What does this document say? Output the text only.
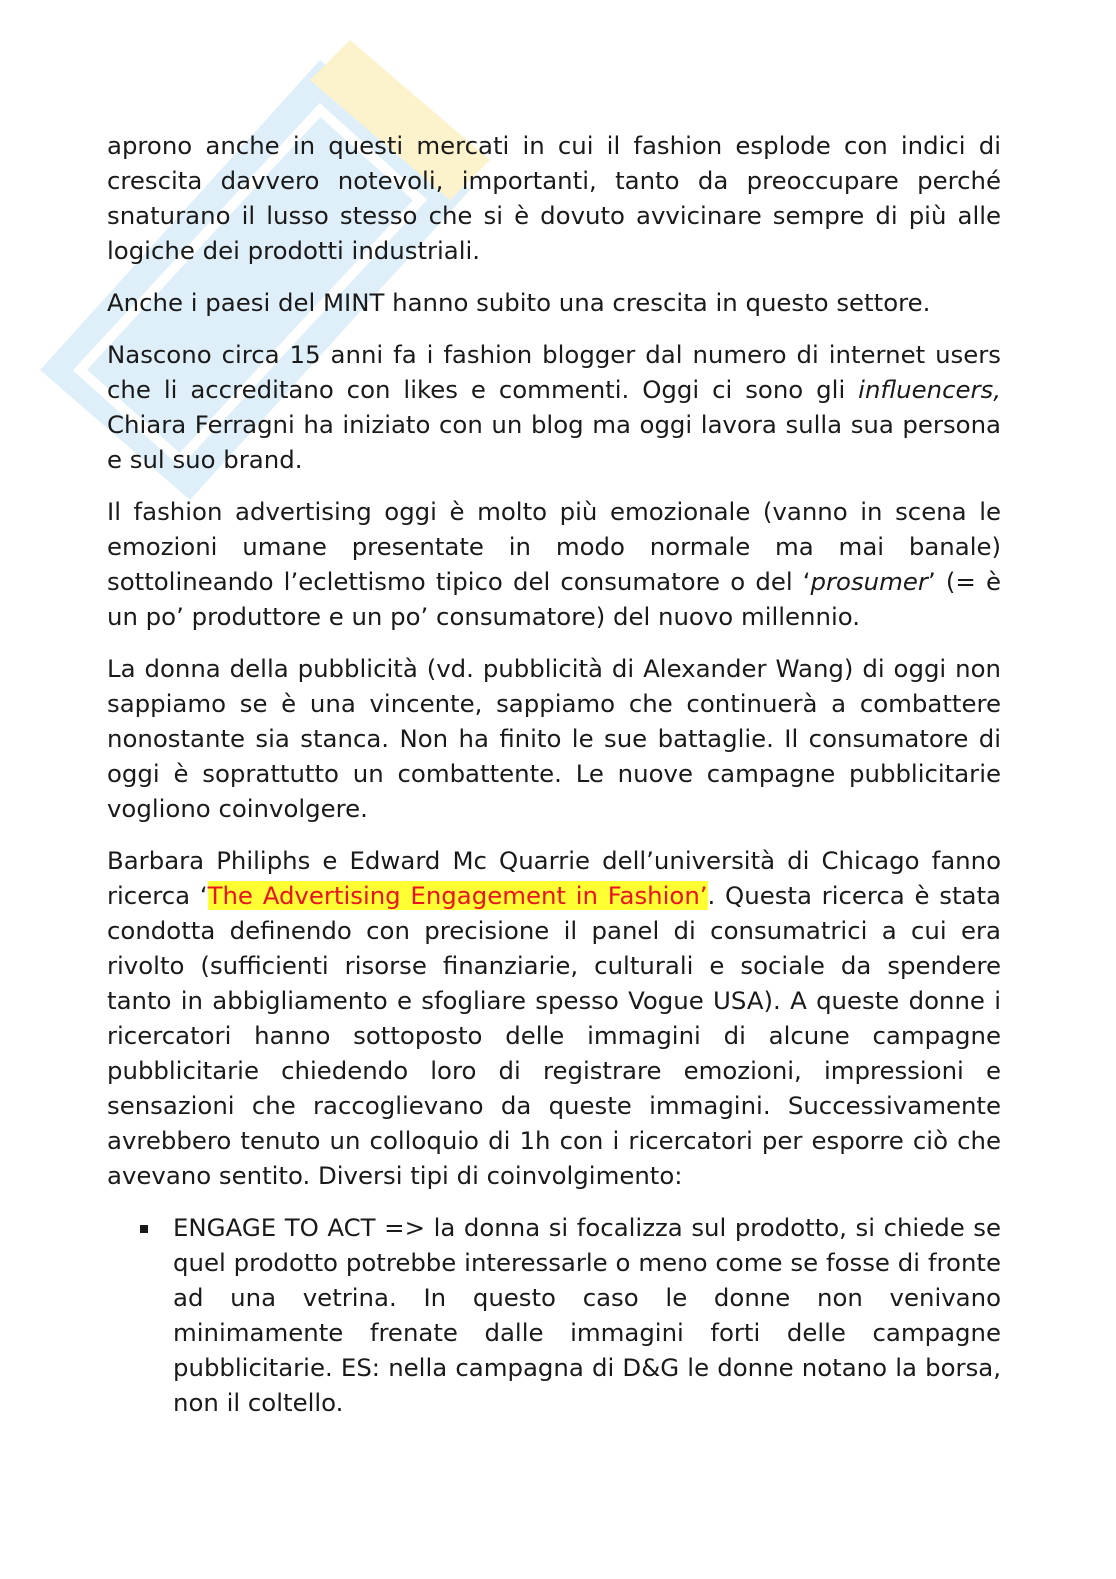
aprono anche in questi mercati in cui il fashion esplode con indici di crescita davvero notevoli, importanti, tanto da preoccupare perché snaturano il lusso stesso che si è dovuto avvicinare sempre di più alle logiche dei prodotti industriali.

Anche i paesi del MINT hanno subito una crescita in questo settore.

Nascono circa 15 anni fa i fashion blogger dal numero di internet users che li accreditano con likes e commenti. Oggi ci sono gli influencers, Chiara Ferragni ha iniziato con un blog ma oggi lavora sulla sua persona e sul suo brand.

Il fashion advertising oggi è molto più emozionale (vanno in scena le emozioni umane presentate in modo normale ma mai banale) sottolineando l’eclettismo tipico del consumatore o del ‘prosumer’ (= è un po’ produttore e un po’ consumatore) del nuovo millennio.

La donna della pubblicità (vd. pubblicità di Alexander Wang) di oggi non sappiamo se è una vincente, sappiamo che continuerà a combattere nonostante sia stanca. Non ha finito le sue battaglie. Il consumatore di oggi è soprattutto un combattente. Le nuove campagne pubblicitarie vogliono coinvolgere.

Barbara Philiphs e Edward Mc Quarrie dell’università di Chicago fanno ricerca ‘The Advertising Engagement in Fashion’. Questa ricerca è stata condotta definendo con precisione il panel di consumatrici a cui era rivolto (sufficienti risorse finanziarie, culturali e sociale da spendere tanto in abbigliamento e sfogliare spesso Vogue USA). A queste donne i ricercatori hanno sottoposto delle immagini di alcune campagne pubblicitarie chiedendo loro di registrare emozioni, impressioni e sensazioni che raccoglievano da queste immagini. Successivamente avrebbero tenuto un colloquio di 1h con i ricercatori per esporre ciò che avevano sentito. Diversi tipi di coinvolgimento:

ENGAGE TO ACT => la donna si focalizza sul prodotto, si chiede se quel prodotto potrebbe interessarle o meno come se fosse di fronte ad una vetrina. In questo caso le donne non venivano minimamente frenate dalle immagini forti delle campagne pubblicitarie. ES: nella campagna di D&G le donne notano la borsa, non il coltello.
